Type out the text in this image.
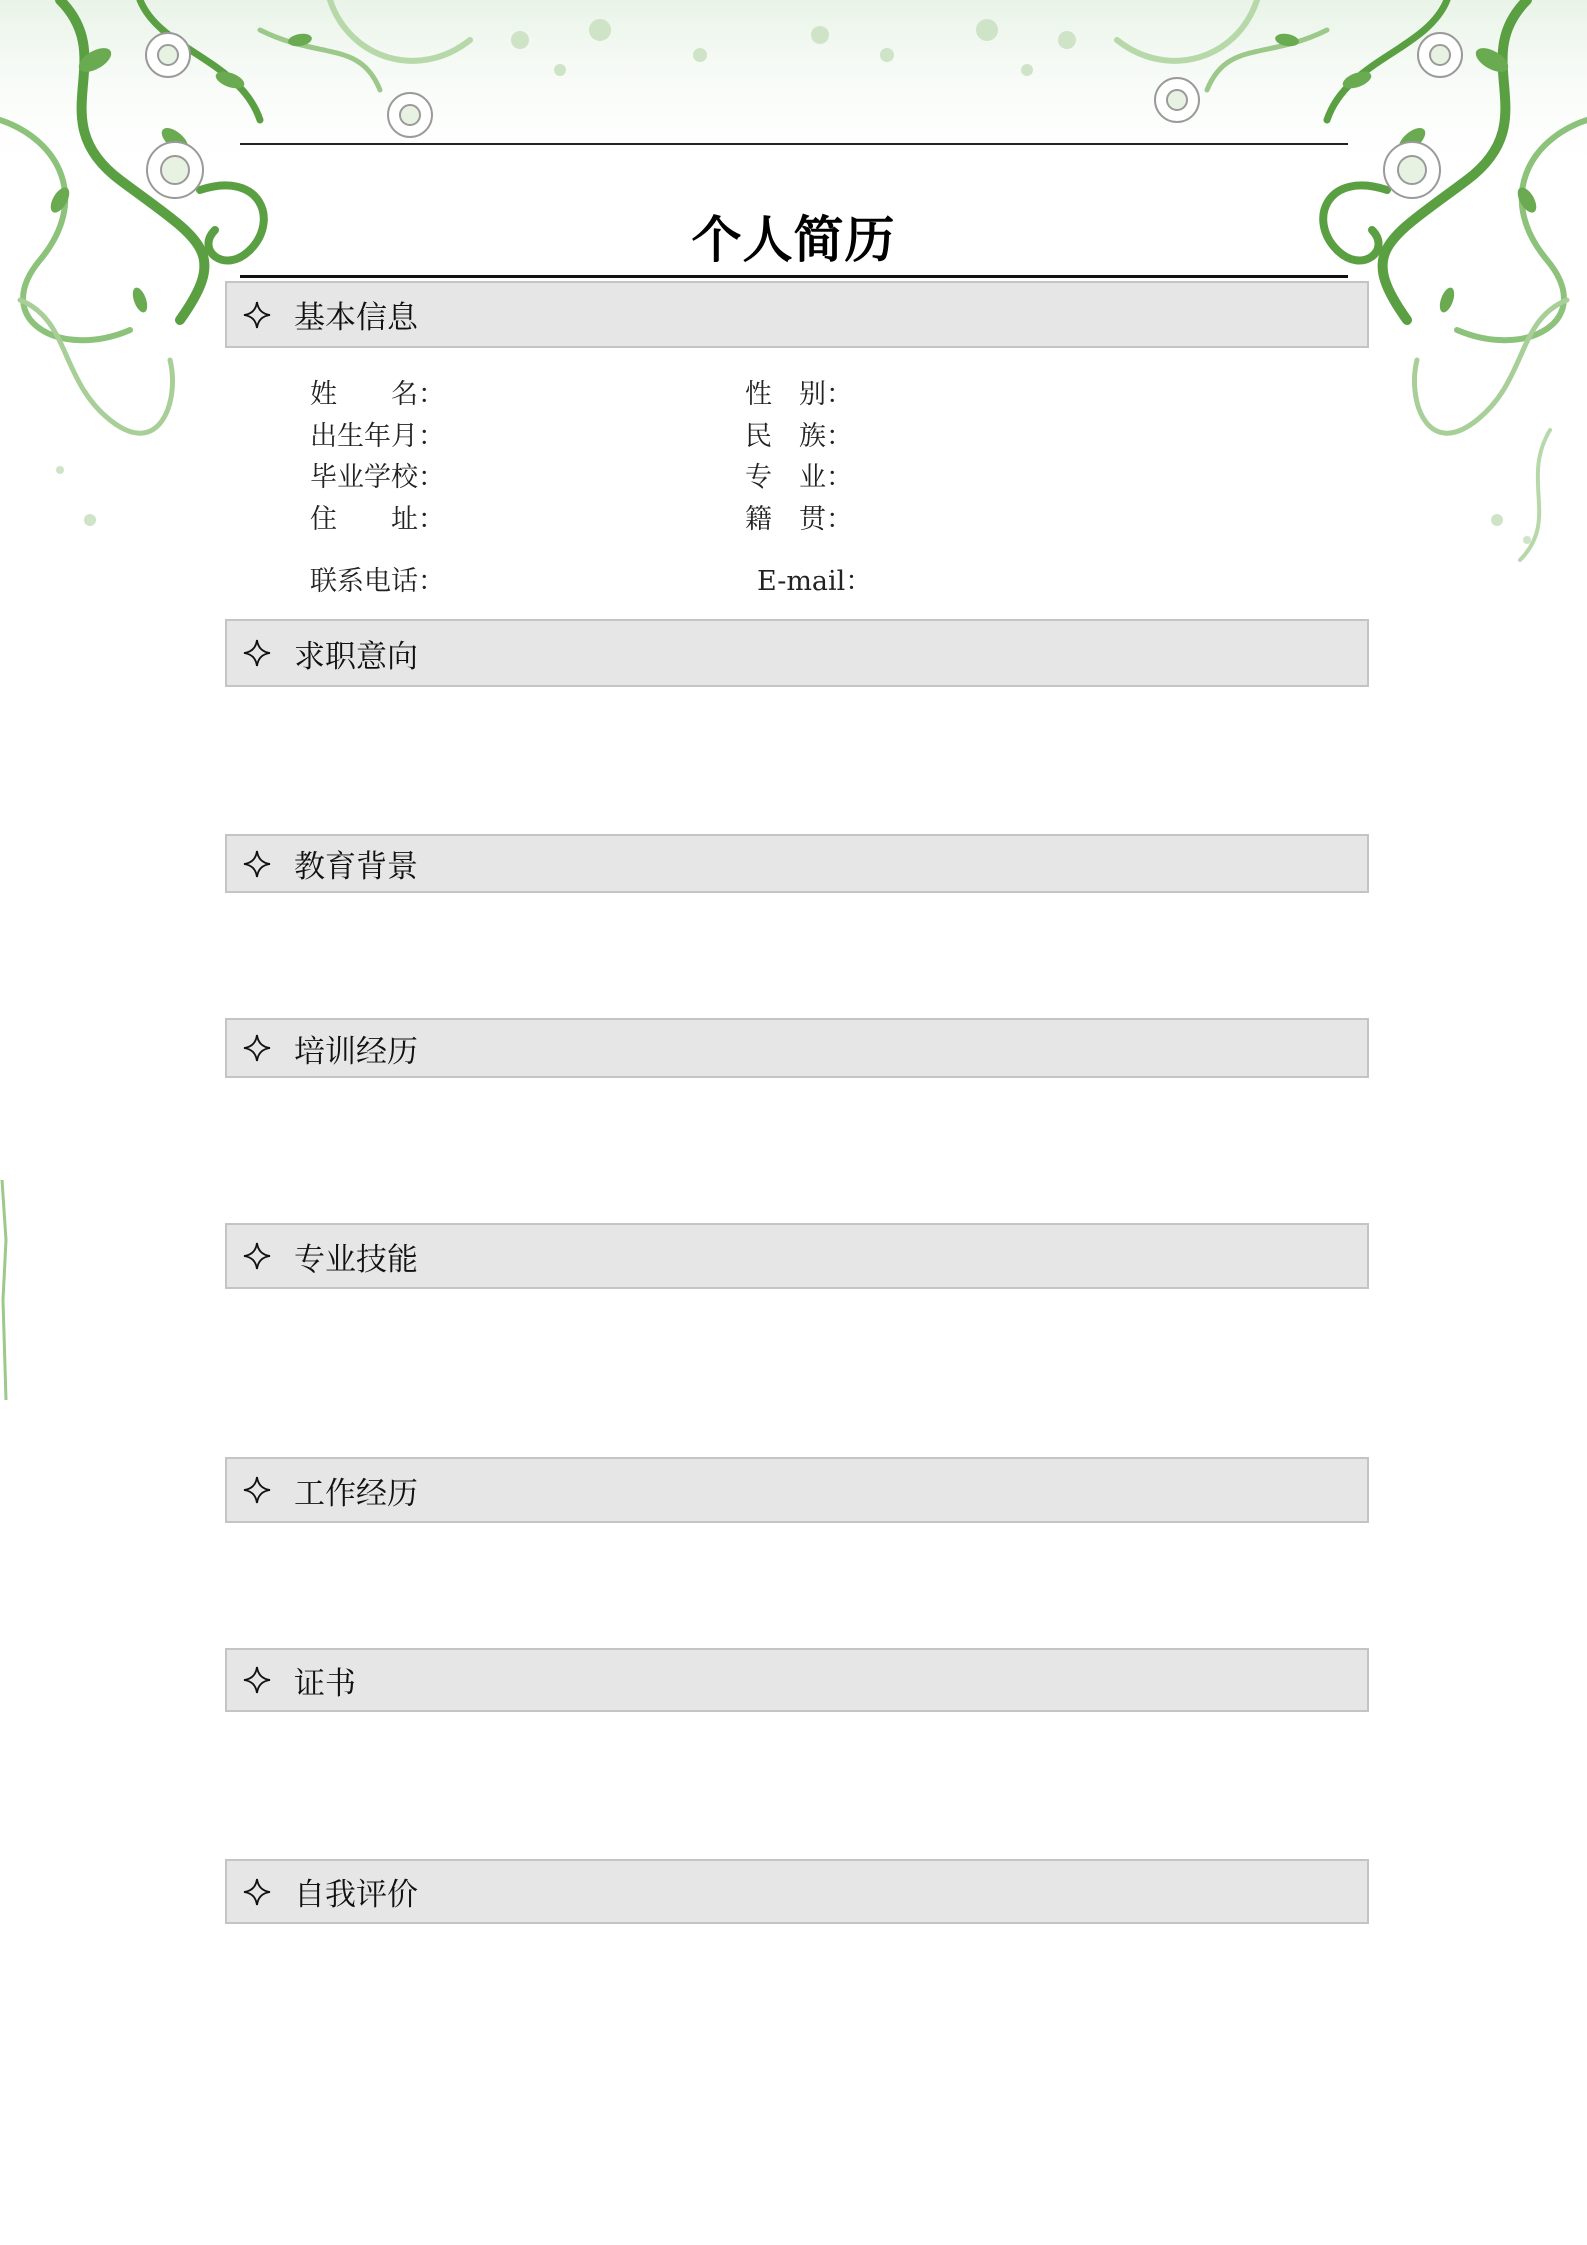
个人简历
基本信息
姓　　名：	性　别：
出生年月：	民　族：
毕业学校：	专　业：
住　　址：	籍　贯：
联系电话：	E-mail：
求职意向
教育背景
培训经历
专业技能
工作经历
证书
自我评价
